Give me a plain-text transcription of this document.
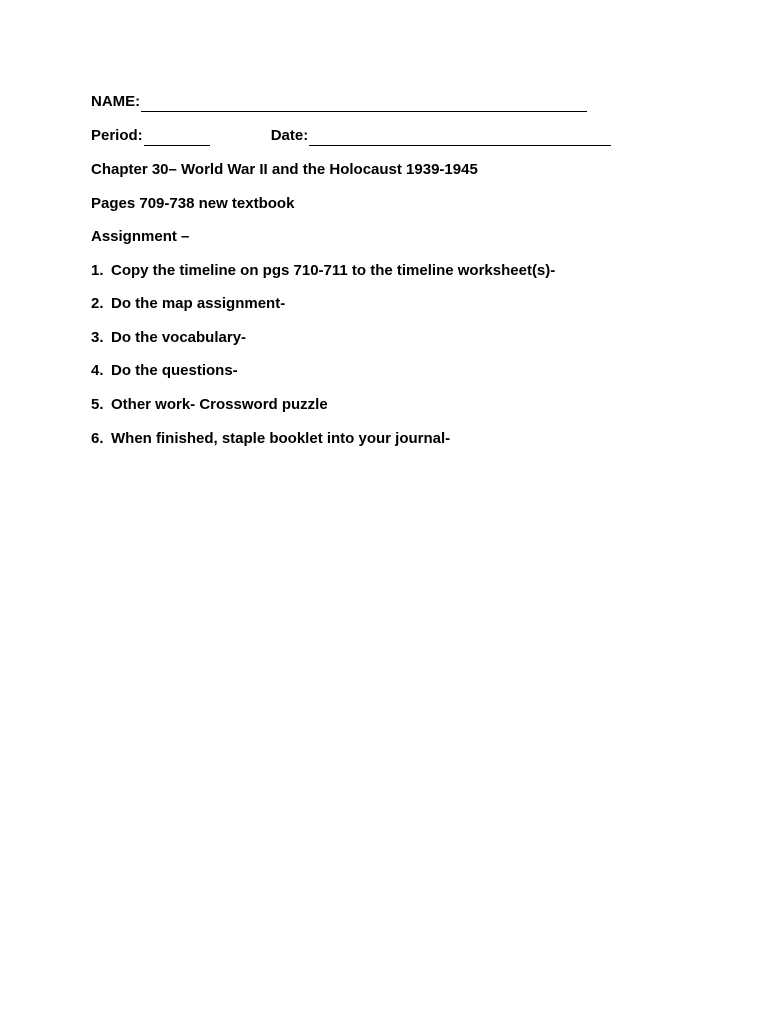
NAME:
Period:	Date:
Chapter 30– World War II and the Holocaust 1939-1945
Pages 709-738 new textbook
Assignment –
1. Copy the timeline on pgs 710-711 to the timeline worksheet(s)-
2. Do the map assignment-
3. Do the vocabulary-
4. Do the questions-
5. Other work- Crossword puzzle
6. When finished, staple booklet into your journal-
